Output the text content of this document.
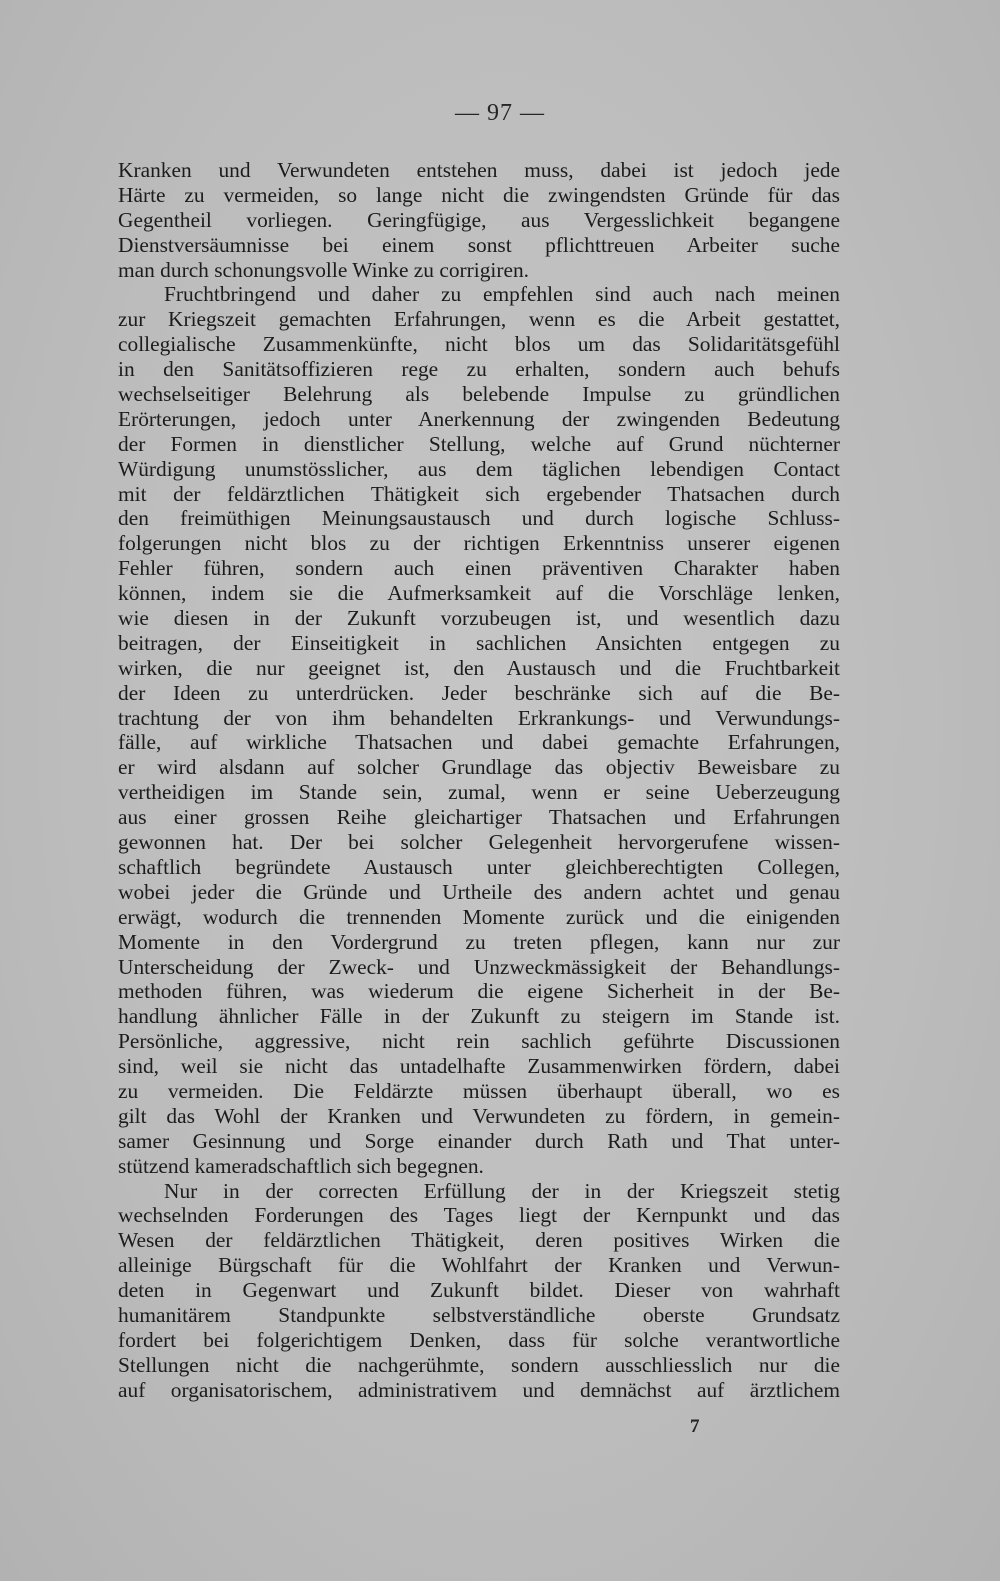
— 97 —
Kranken und Verwundeten entstehen muss, dabei ist jedoch jede
Härte zu vermeiden, so lange nicht die zwingendsten Gründe für das
Gegentheil vorliegen. Geringfügige, aus Vergesslichkeit begangene
Dienstversäumnisse bei einem sonst pflichttreuen Arbeiter suche
man durch schonungsvolle Winke zu corrigiren.
Fruchtbringend und daher zu empfehlen sind auch nach meinen
zur Kriegszeit gemachten Erfahrungen, wenn es die Arbeit gestattet,
collegialische Zusammenkünfte, nicht blos um das Solidaritätsgefühl
in den Sanitätsoffizieren rege zu erhalten, sondern auch behufs
wechselseitiger Belehrung als belebende Impulse zu gründlichen
Erörterungen, jedoch unter Anerkennung der zwingenden Bedeutung
der Formen in dienstlicher Stellung, welche auf Grund nüchterner
Würdigung unumstösslicher, aus dem täglichen lebendigen Contact
mit der feldärztlichen Thätigkeit sich ergebender Thatsachen durch
den freimüthigen Meinungsaustausch und durch logische Schluss-
folgerungen nicht blos zu der richtigen Erkenntniss unserer eigenen
Fehler führen, sondern auch einen präventiven Charakter haben
können, indem sie die Aufmerksamkeit auf die Vorschläge lenken,
wie diesen in der Zukunft vorzubeugen ist, und wesentlich dazu
beitragen, der Einseitigkeit in sachlichen Ansichten entgegen zu
wirken, die nur geeignet ist, den Austausch und die Fruchtbarkeit
der Ideen zu unterdrücken. Jeder beschränke sich auf die Be-
trachtung der von ihm behandelten Erkrankungs- und Verwundungs-
fälle, auf wirkliche Thatsachen und dabei gemachte Erfahrungen,
er wird alsdann auf solcher Grundlage das objectiv Beweisbare zu
vertheidigen im Stande sein, zumal, wenn er seine Ueberzeugung
aus einer grossen Reihe gleichartiger Thatsachen und Erfahrungen
gewonnen hat. Der bei solcher Gelegenheit hervorgerufene wissen-
schaftlich begründete Austausch unter gleichberechtigten Collegen,
wobei jeder die Gründe und Urtheile des andern achtet und genau
erwägt, wodurch die trennenden Momente zurück und die einigenden
Momente in den Vordergrund zu treten pflegen, kann nur zur
Unterscheidung der Zweck- und Unzweckmässigkeit der Behandlungs-
methoden führen, was wiederum die eigene Sicherheit in der Be-
handlung ähnlicher Fälle in der Zukunft zu steigern im Stande ist.
Persönliche, aggressive, nicht rein sachlich geführte Discussionen
sind, weil sie nicht das untadelhafte Zusammenwirken fördern, dabei
zu vermeiden. Die Feldärzte müssen überhaupt überall, wo es
gilt das Wohl der Kranken und Verwundeten zu fördern, in gemein-
samer Gesinnung und Sorge einander durch Rath und That unter-
stützend kameradschaftlich sich begegnen.
Nur in der correcten Erfüllung der in der Kriegszeit stetig
wechselnden Forderungen des Tages liegt der Kernpunkt und das
Wesen der feldärztlichen Thätigkeit, deren positives Wirken die
alleinige Bürgschaft für die Wohlfahrt der Kranken und Verwun-
deten in Gegenwart und Zukunft bildet. Dieser von wahrhaft
humanitärem Standpunkte selbstverständliche oberste Grundsatz
fordert bei folgerichtigem Denken, dass für solche verantwortliche
Stellungen nicht die nachgerühmte, sondern ausschliesslich nur die
auf organisatorischem, administrativem und demnächst auf ärztlichem
7
